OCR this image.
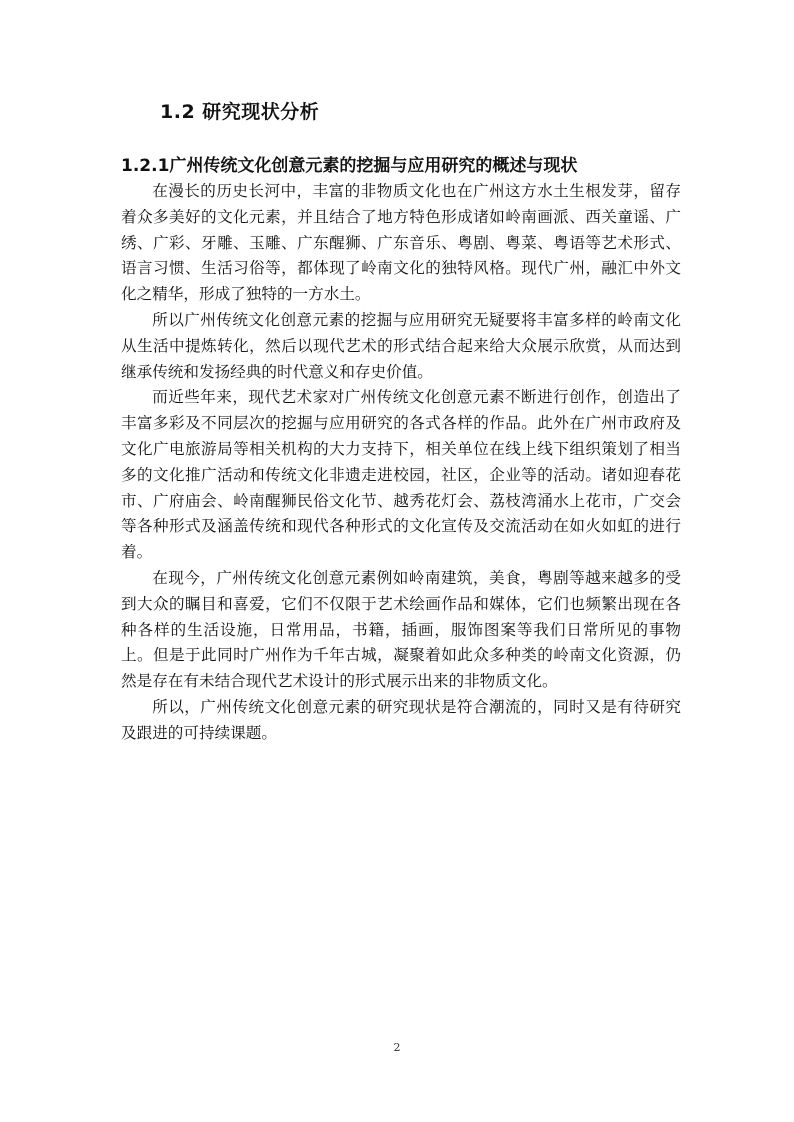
1.2 研究现状分析
1.2.1广州传统文化创意元素的挖掘与应用研究的概述与现状

在漫长的历史长河中，丰富的非物质文化也在广州这方水土生根发芽，留存着众多美好的文化元素，并且结合了地方特色形成诸如岭南画派、西关童谣、广绣、广彩、牙雕、玉雕、广东醒狮、广东音乐、粤剧、粤菜、粤语等艺术形式、语言习惯、生活习俗等，都体现了岭南文化的独特风格。现代广州，融汇中外文化之精华，形成了独特的一方水土。

所以广州传统文化创意元素的挖掘与应用研究无疑要将丰富多样的岭南文化从生活中提炼转化，然后以现代艺术的形式结合起来给大众展示欣赏，从而达到继承传统和发扬经典的时代意义和存史价值。

而近些年来，现代艺术家对广州传统文化创意元素不断进行创作，创造出了丰富多彩及不同层次的挖掘与应用研究的各式各样的作品。此外在广州市政府及文化广电旅游局等相关机构的大力支持下，相关单位在线上线下组织策划了相当多的文化推广活动和传统文化非遗走进校园，社区，企业等的活动。诸如迎春花市、广府庙会、岭南醒狮民俗文化节、越秀花灯会、荔枝湾涌水上花市，广交会等各种形式及涵盖传统和现代各种形式的文化宣传及交流活动在如火如虹的进行着。

在现今，广州传统文化创意元素例如岭南建筑，美食，粤剧等越来越多的受到大众的瞩目和喜爱，它们不仅限于艺术绘画作品和媒体，它们也频繁出现在各种各样的生活设施，日常用品，书籍，插画，服饰图案等我们日常所见的事物上。但是于此同时广州作为千年古城，凝聚着如此众多种类的岭南文化资源，仍然是存在有未结合现代艺术设计的形式展示出来的非物质文化。

所以，广州传统文化创意元素的研究现状是符合潮流的，同时又是有待研究及跟进的可持续课题。

2
